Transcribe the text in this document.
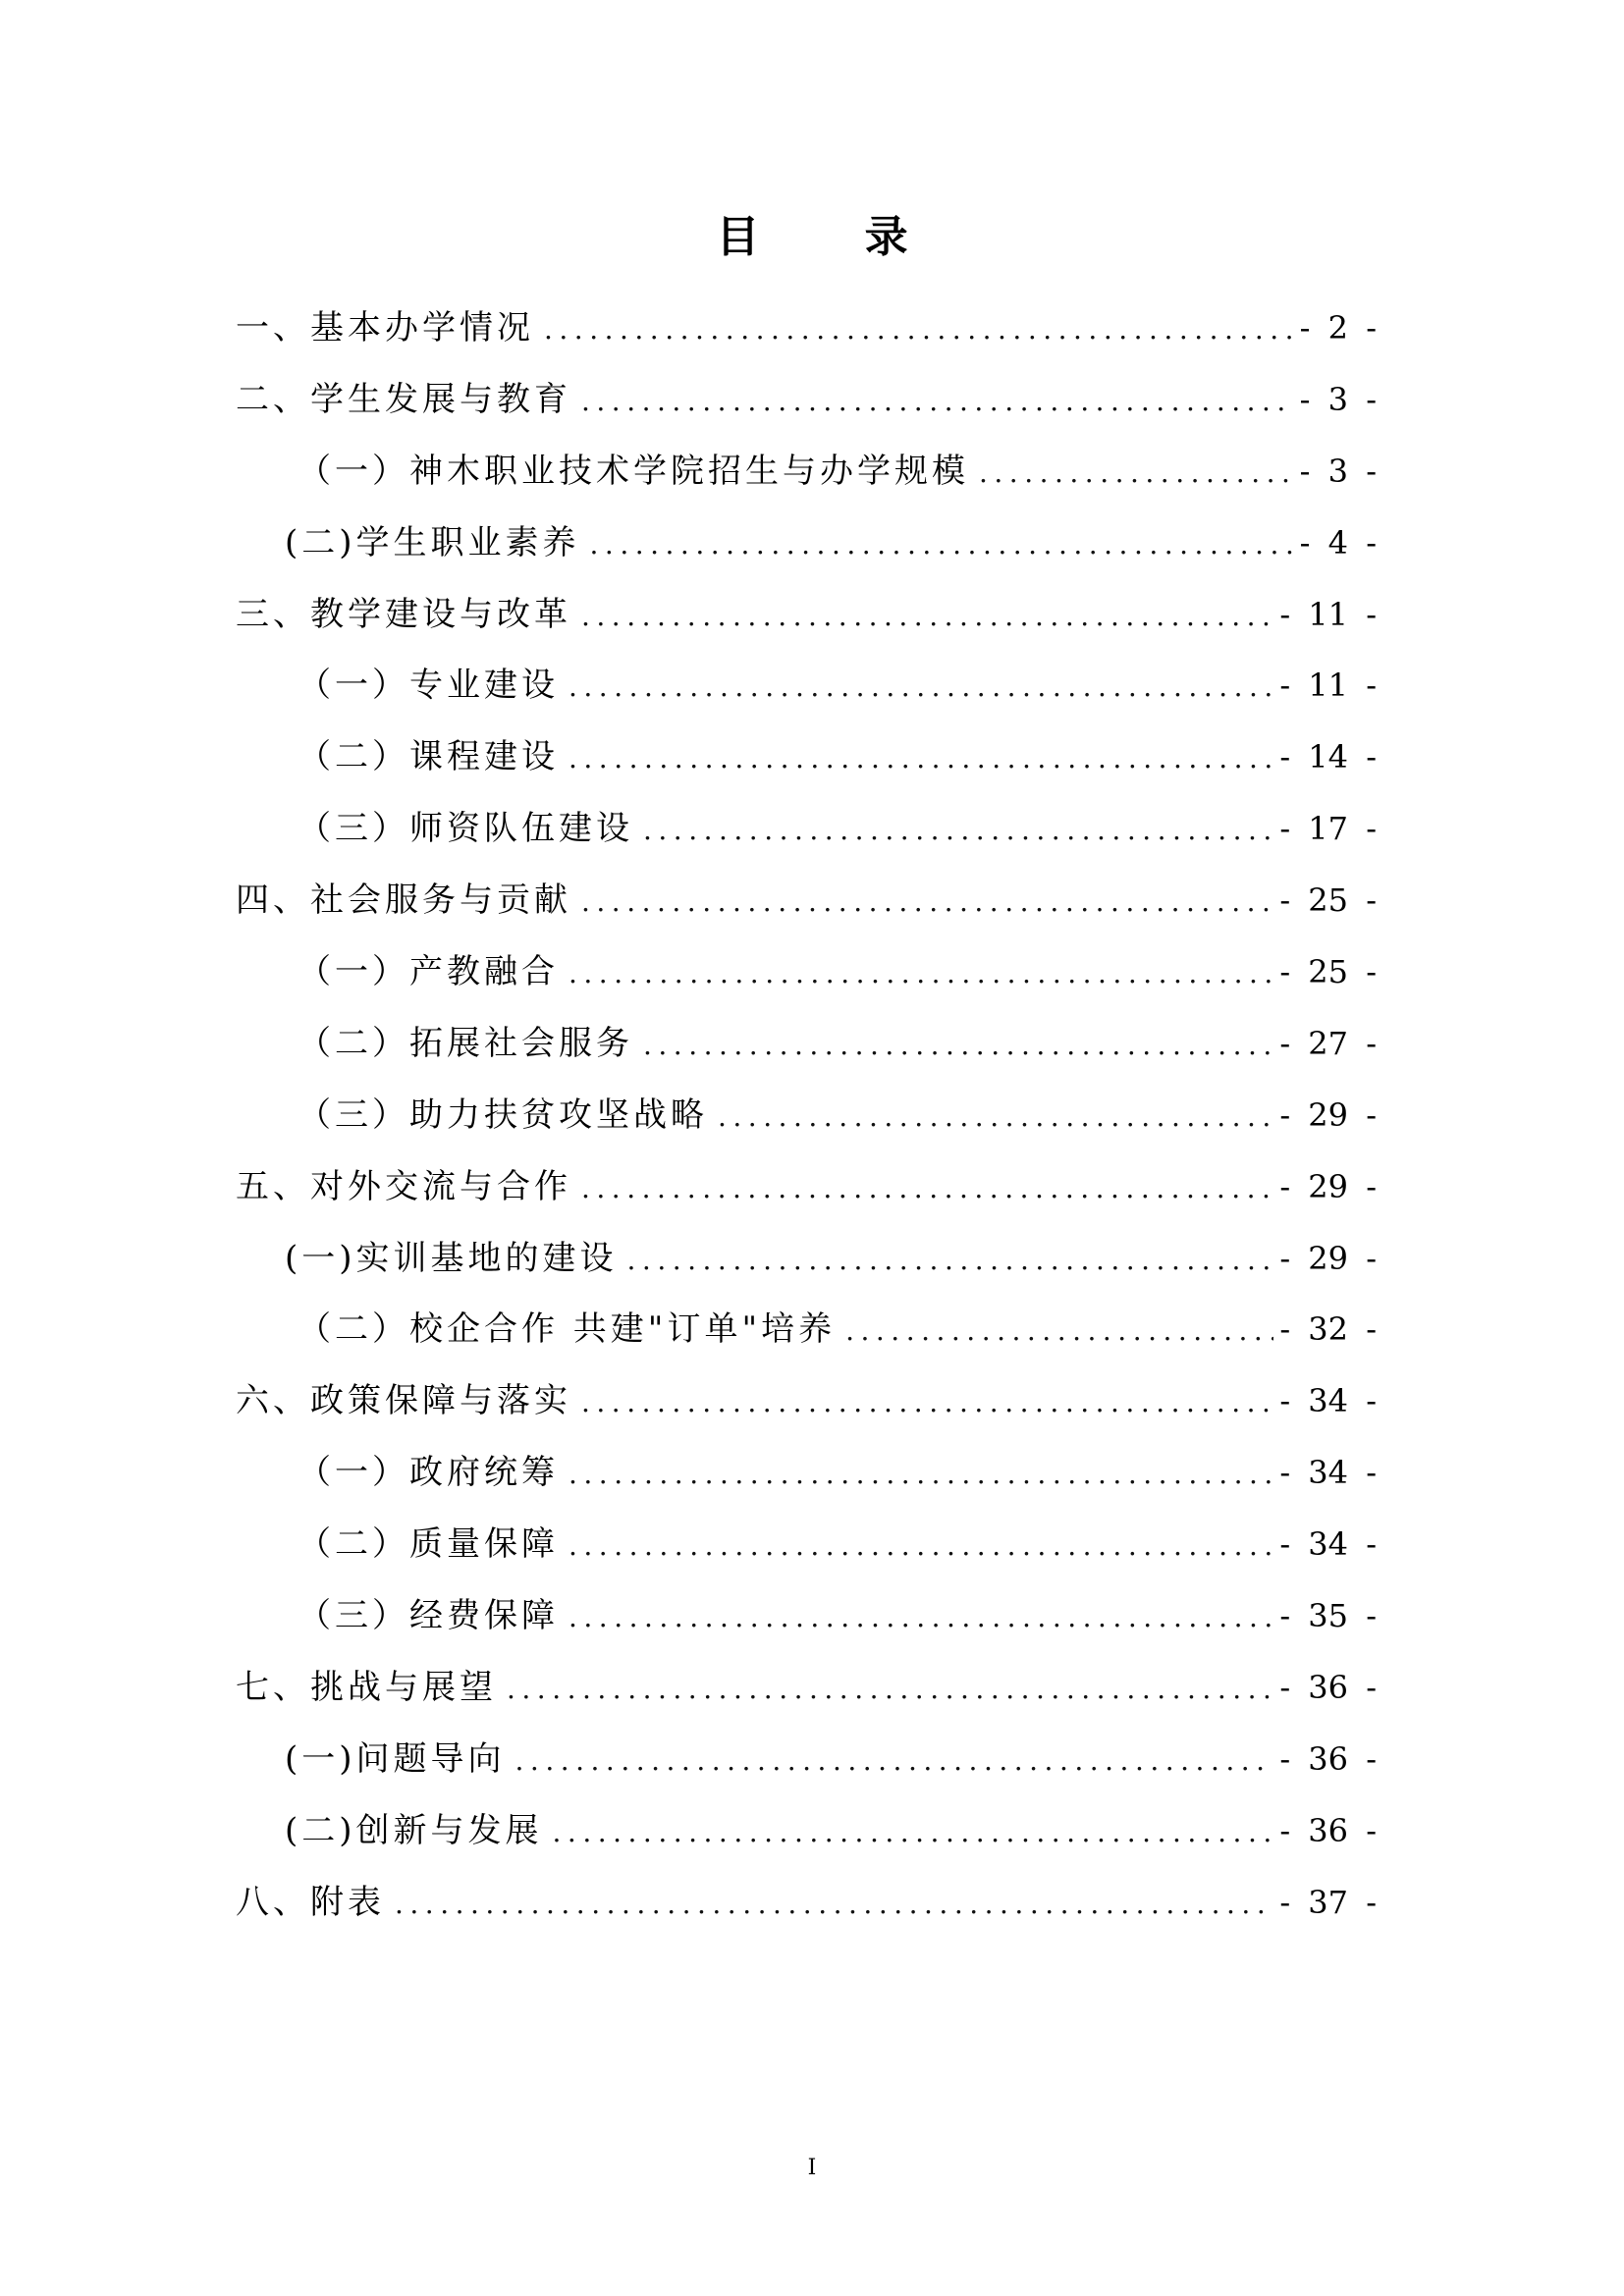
目 录
一、基本办学情况 .....	- 2 -
二、学生发展与教育 .....	- 3 -
（一）神木职业技术学院招生与办学规模 .....	- 3 -
(二)学生职业素养 .....	- 4 -
三、教学建设与改革 .....	- 11 -
（一）专业建设 .....	- 11 -
（二）课程建设 .....	- 14 -
（三）师资队伍建设 .....	- 17 -
四、社会服务与贡献 .....	- 25 -
（一）产教融合 .....	- 25 -
（二）拓展社会服务 .....	- 27 -
（三）助力扶贫攻坚战略 .....	- 29 -
五、对外交流与合作 .....	- 29 -
(一)实训基地的建设 .....	- 29 -
（二）校企合作 共建"订单"培养 .....	- 32 -
六、政策保障与落实 .....	- 34 -
（一）政府统筹 .....	- 34 -
（二）质量保障 .....	- 34 -
（三）经费保障 .....	- 35 -
七、挑战与展望 .....	- 36 -
(一)问题导向 .....	- 36 -
(二)创新与发展 .....	- 36 -
八、附表 .....	- 37 -
I
